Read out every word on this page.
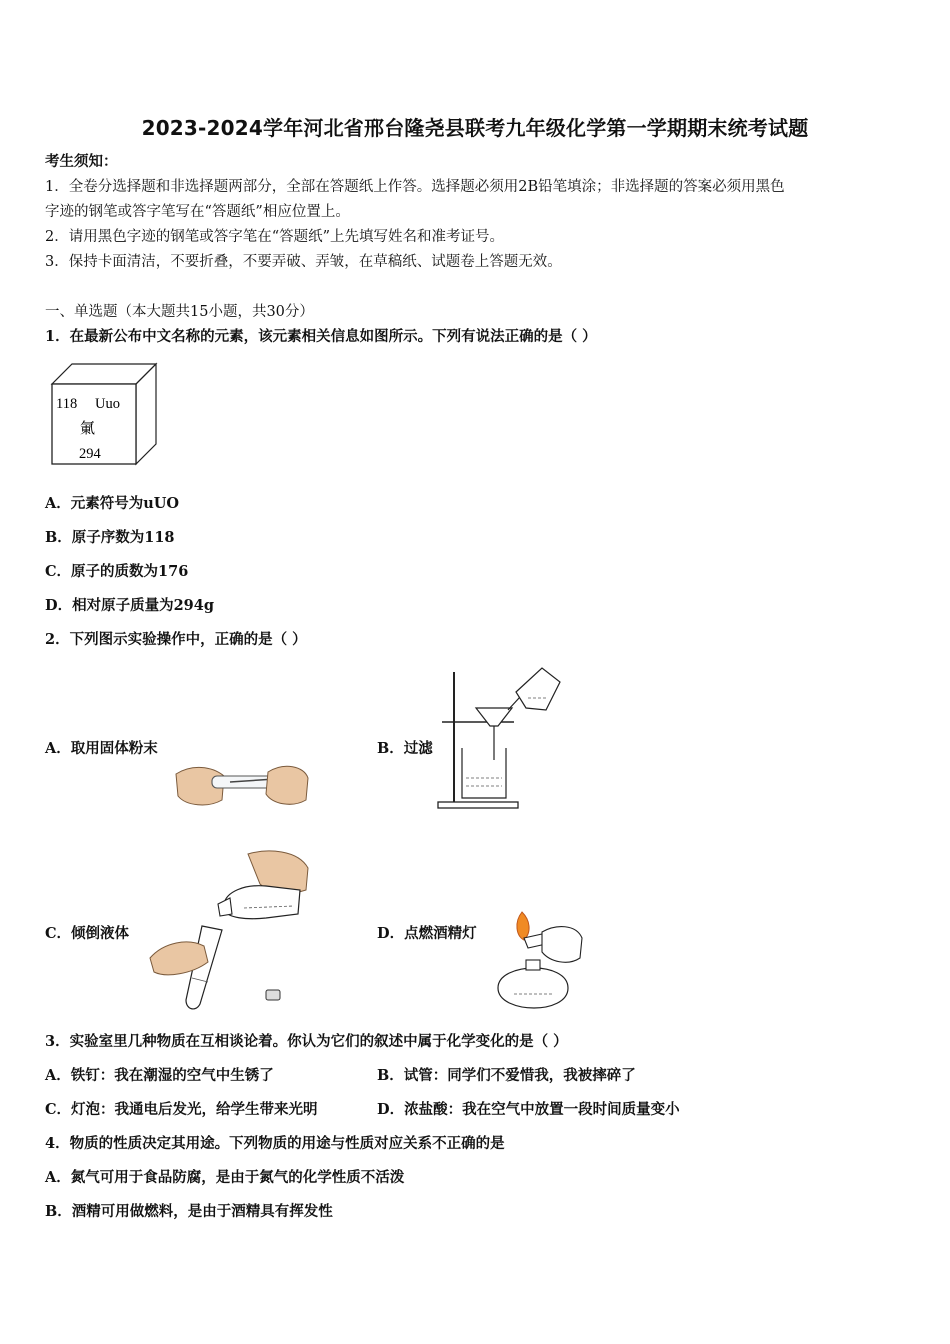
2023-2024学年河北省邢台隆尧县联考九年级化学第一学期期末统考试题
考生须知：
1．全卷分选择题和非选择题两部分，全部在答题纸上作答。选择题必须用2B铅笔填涂；非选择题的答案必须用黑色
字迹的钢笔或答字笔写在“答题纸”相应位置上。
2．请用黑色字迹的钢笔或答字笔在“答题纸”上先填写姓名和准考证号。
3．保持卡面清洁，不要折叠，不要弄破、弄皱，在草稿纸、试题卷上答题无效。
一、单选题（本大题共15小题，共30分）
1．在最新公布中文名称的元素，该元素相关信息如图所示。下列有说法正确的是（ ）
118 Uuo
氭
294
A．元素符号为uUO
B．原子序数为118
C．原子的质数为176
D．相对原子质量为294g
2．下列图示实验操作中，正确的是（ ）
A．取用固体粉末	B．过滤
C．倾倒液体	D．点燃酒精灯
3．实验室里几种物质在互相谈论着。你认为它们的叙述中属于化学变化的是（ ）
A．铁钉：我在潮湿的空气中生锈了	B．试管：同学们不爱惜我，我被摔碎了
C．灯泡：我通电后发光，给学生带来光明	D．浓盐酸：我在空气中放置一段时间质量变小
4．物质的性质决定其用途。下列物质的用途与性质对应关系不正确的是
A．氮气可用于食品防腐，是由于氮气的化学性质不活泼
B．酒精可用做燃料，是由于酒精具有挥发性
